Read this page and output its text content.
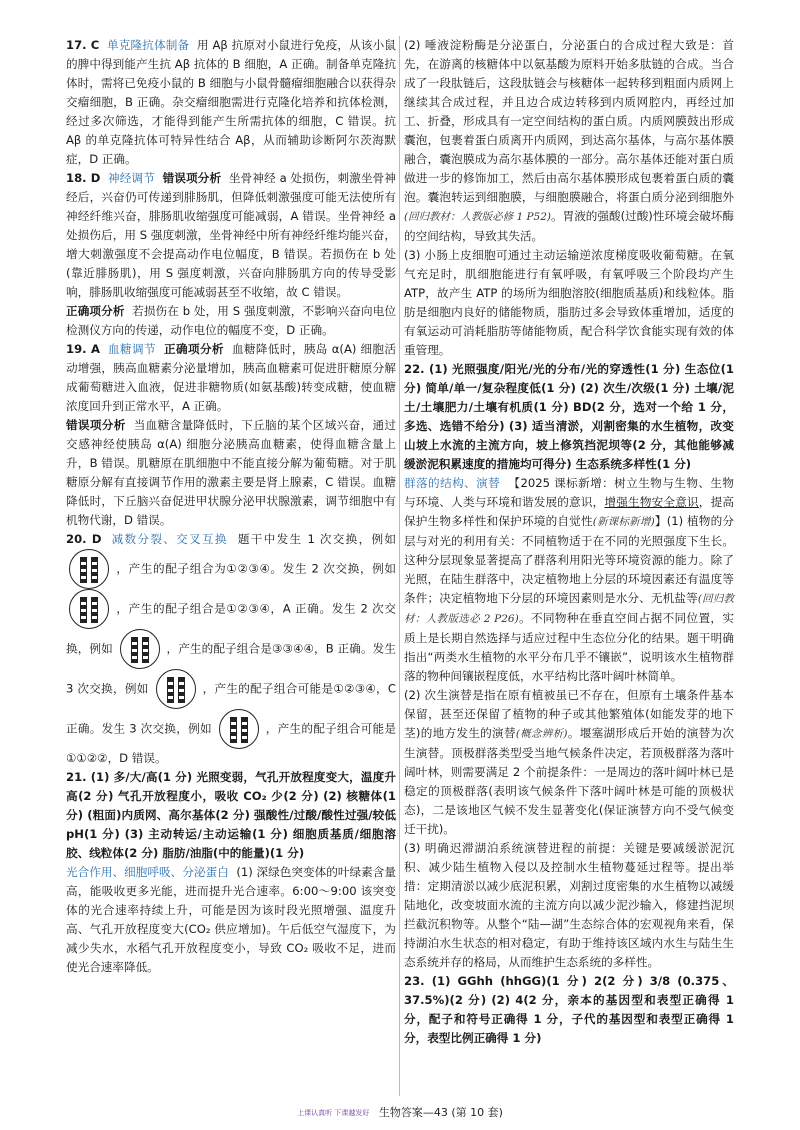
17. C 单克隆抗体制备 用 Aβ 抗原对小鼠进行免疫，从该小鼠的脾中得到能产生抗 Aβ 抗体的 B 细胞，A 正确。制备单克隆抗体时，需将已免疫小鼠的 B 细胞与小鼠骨髓瘤细胞融合以获得杂交瘤细胞，B 正确。杂交瘤细胞需进行克隆化培养和抗体检测，经过多次筛选，才能得到能产生所需抗体的细胞，C 错误。抗 Aβ 的单克隆抗体可特异性结合 Aβ，从而辅助诊断阿尔茨海默症，D 正确。

18. D 神经调节 错误项分析 坐骨神经 a 处损伤，刺激坐骨神经后，兴奋仍可传递到腓肠肌，但降低刺激强度可能无法使所有神经纤维兴奋，腓肠肌收缩强度可能减弱，A 错误。坐骨神经 a 处损伤后，用 S 强度刺激，坐骨神经中所有神经纤维均能兴奋，增大刺激强度不会提高动作电位幅度，B 错误。若损伤在 b 处(靠近腓肠肌)，用 S 强度刺激，兴奋向腓肠肌方向的传导受影响，腓肠肌收缩强度可能减弱甚至不收缩，故 C 错误。

正确项分析 若损伤在 b 处，用 S 强度刺激，不影响兴奋向电位检测仪方向的传递，动作电位的幅度不变，D 正确。

19. A 血糖调节 正确项分析 血糖降低时，胰岛 α(A) 细胞活动增强，胰高血糖素分泌量增加，胰高血糖素可促进肝糖原分解成葡萄糖进入血液，促进非糖物质(如氨基酸)转变成糖，使血糖浓度回升到正常水平，A 正确。

错误项分析 当血糖含量降低时，下丘脑的某个区域兴奋，通过交感神经使胰岛 α(A) 细胞分泌胰高血糖素，使得血糖含量上升，B 错误。肌糖原在肌细胞中不能直接分解为葡萄糖。对于肌糖原分解有直接调节作用的激素主要是肾上腺素，C 错误。血糖降低时，下丘脑兴奋促进甲状腺分泌甲状腺激素，调节细胞中有机物代谢，D 错误。

20. D 减数分裂、交叉互换 题干中发生 1 次交换，例如  ，产生的配子组合为①②③④。发生 2 次交换，例如  ，产生的配子组合是①②③④，A 正确。发生 2 次交换，例如	，产生的配子组合是③③④④，B 正确。发生 3 次交换，例如	，产生的配子组合可能是①②③④，C 正确。发生 3 次交换，例如	，产生的配子组合可能是①①②②，D 错误。

21. (1) 多/大/高(1 分) 光照变弱，气孔开放程度变大，温度升高(2 分) 气孔开放程度小，吸收 CO₂ 少(2 分) (2) 核糖体(1 分) (粗面)内质网、高尔基体(2 分) 强酸性/过酸/酸性过强/较低 pH(1 分) (3) 主动转运/主动运输(1 分) 细胞质基质/细胞溶胶、线粒体(2 分) 脂肪/油脂(中的能量)(1 分)

光合作用、细胞呼吸、分泌蛋白 (1) 深绿色突变体的叶绿素含量高，能吸收更多光能，进而提升光合速率。6:00～9:00 该突变体的光合速率持续上升，可能是因为该时段光照增强、温度升高、气孔开放程度变大(CO₂ 供应增加)。午后低空气湿度下，为减少失水，水稻气孔开放程度变小，导致 CO₂ 吸收不足，进而使光合速率降低。

(2) 唾液淀粉酶是分泌蛋白，分泌蛋白的合成过程大致是：首先，在游离的核糖体中以氨基酸为原料开始多肽链的合成。当合成了一段肽链后，这段肽链会与核糖体一起转移到粗面内质网上继续其合成过程，并且边合成边转移到内质网腔内，再经过加工、折叠，形成具有一定空间结构的蛋白质。内质网膜鼓出形成囊泡，包裹着蛋白质离开内质网，到达高尔基体，与高尔基体膜融合，囊泡膜成为高尔基体膜的一部分。高尔基体还能对蛋白质做进一步的修饰加工，然后由高尔基体膜形成包裹着蛋白质的囊泡。囊泡转运到细胞膜，与细胞膜融合，将蛋白质分泌到细胞外(回归教材：人教版必修 1 P52)。胃液的强酸(过酸)性环境会破坏酶的空间结构，导致其失活。

(3) 小肠上皮细胞可通过主动运输逆浓度梯度吸收葡萄糖。在氧气充足时，肌细胞能进行有氧呼吸，有氧呼吸三个阶段均产生 ATP，故产生 ATP 的场所为细胞溶胶(细胞质基质)和线粒体。脂肪是细胞内良好的储能物质，脂肪过多会导致体重增加，适度的有氧运动可消耗脂肪等储能物质，配合科学饮食能实现有效的体重管理。

22. (1) 光照强度/阳光/光的分布/光的穿透性(1 分) 生态位(1 分) 简单/单一/复杂程度低(1 分) (2) 次生/次级(1 分) 土壤/泥土/土壤肥力/土壤有机质(1 分) BD(2 分，选对一个给 1 分，多选、选错不给分) (3) 适当清淤，刈割密集的水生植物，改变山坡上水流的主流方向，坡上修筑挡泥坝等(2 分，其他能够减缓淤泥积累速度的措施均可得分) 生态系统多样性(1 分)

群落的结构、演替 【2025 课标新增：树立生物与生物、生物与环境、人类与环境和谐发展的意识，增强生物安全意识，提高保护生物多样性和保护环境的自觉性(新课标新增)】(1) 植物的分层与对光的利用有关：不同植物适于在不同的光照强度下生长。这种分层现象显著提高了群落利用阳光等环境资源的能力。除了光照，在陆生群落中，决定植物地上分层的环境因素还有温度等条件；决定植物地下分层的环境因素则是水分、无机盐等(回归教材：人教版选必 2 P26)。不同物种在垂直空间占据不同位置，实质上是长期自然选择与适应过程中生态位分化的结果。题干明确指出“两类水生植物的水平分布几乎不镶嵌”，说明该水生植物群落的物种间镶嵌程度低，水平结构比落叶阔叶林简单。

(2) 次生演替是指在原有植被虽已不存在，但原有土壤条件基本保留，甚至还保留了植物的种子或其他繁殖体(如能发芽的地下茎)的地方发生的演替(概念辨析)。堰塞湖形成后开始的演替为次生演替。顶极群落类型受当地气候条件决定，若顶极群落为落叶阔叶林，则需要满足 2 个前提条件：一是周边的落叶阔叶林已是稳定的顶极群落(表明该气候条件下落叶阔叶林是可能的顶极状态)，二是该地区气候不发生显著变化(保证演替方向不受气候变迁干扰)。

(3) 明确迟滞湖泊系统演替进程的前提：关键是要减缓淤泥沉积、减少陆生植物入侵以及控制水生植物蔓延过程等。提出举措：定期清淤以减少底泥积累，刈割过度密集的水生植物以减缓陆地化，改变坡面水流的主流方向以减少泥沙输入，修建挡泥坝拦截沉积物等。从整个“陆—湖”生态综合体的宏观视角来看，保持湖泊水生状态的相对稳定，有助于维持该区域内水生与陆生生态系统并存的格局，从而维护生态系统的多样性。

23. (1) GGhh (hhGG)(1 分) 2(2 分) 3/8 (0.375、37.5%)(2 分) (2) 4(2 分，亲本的基因型和表型正确得 1 分，配子和符号正确得 1 分，子代的基因型和表型正确得 1 分，表型比例正确得 1 分)

上课认真听 下课越发好 生物答案—43 (第 10 套)
